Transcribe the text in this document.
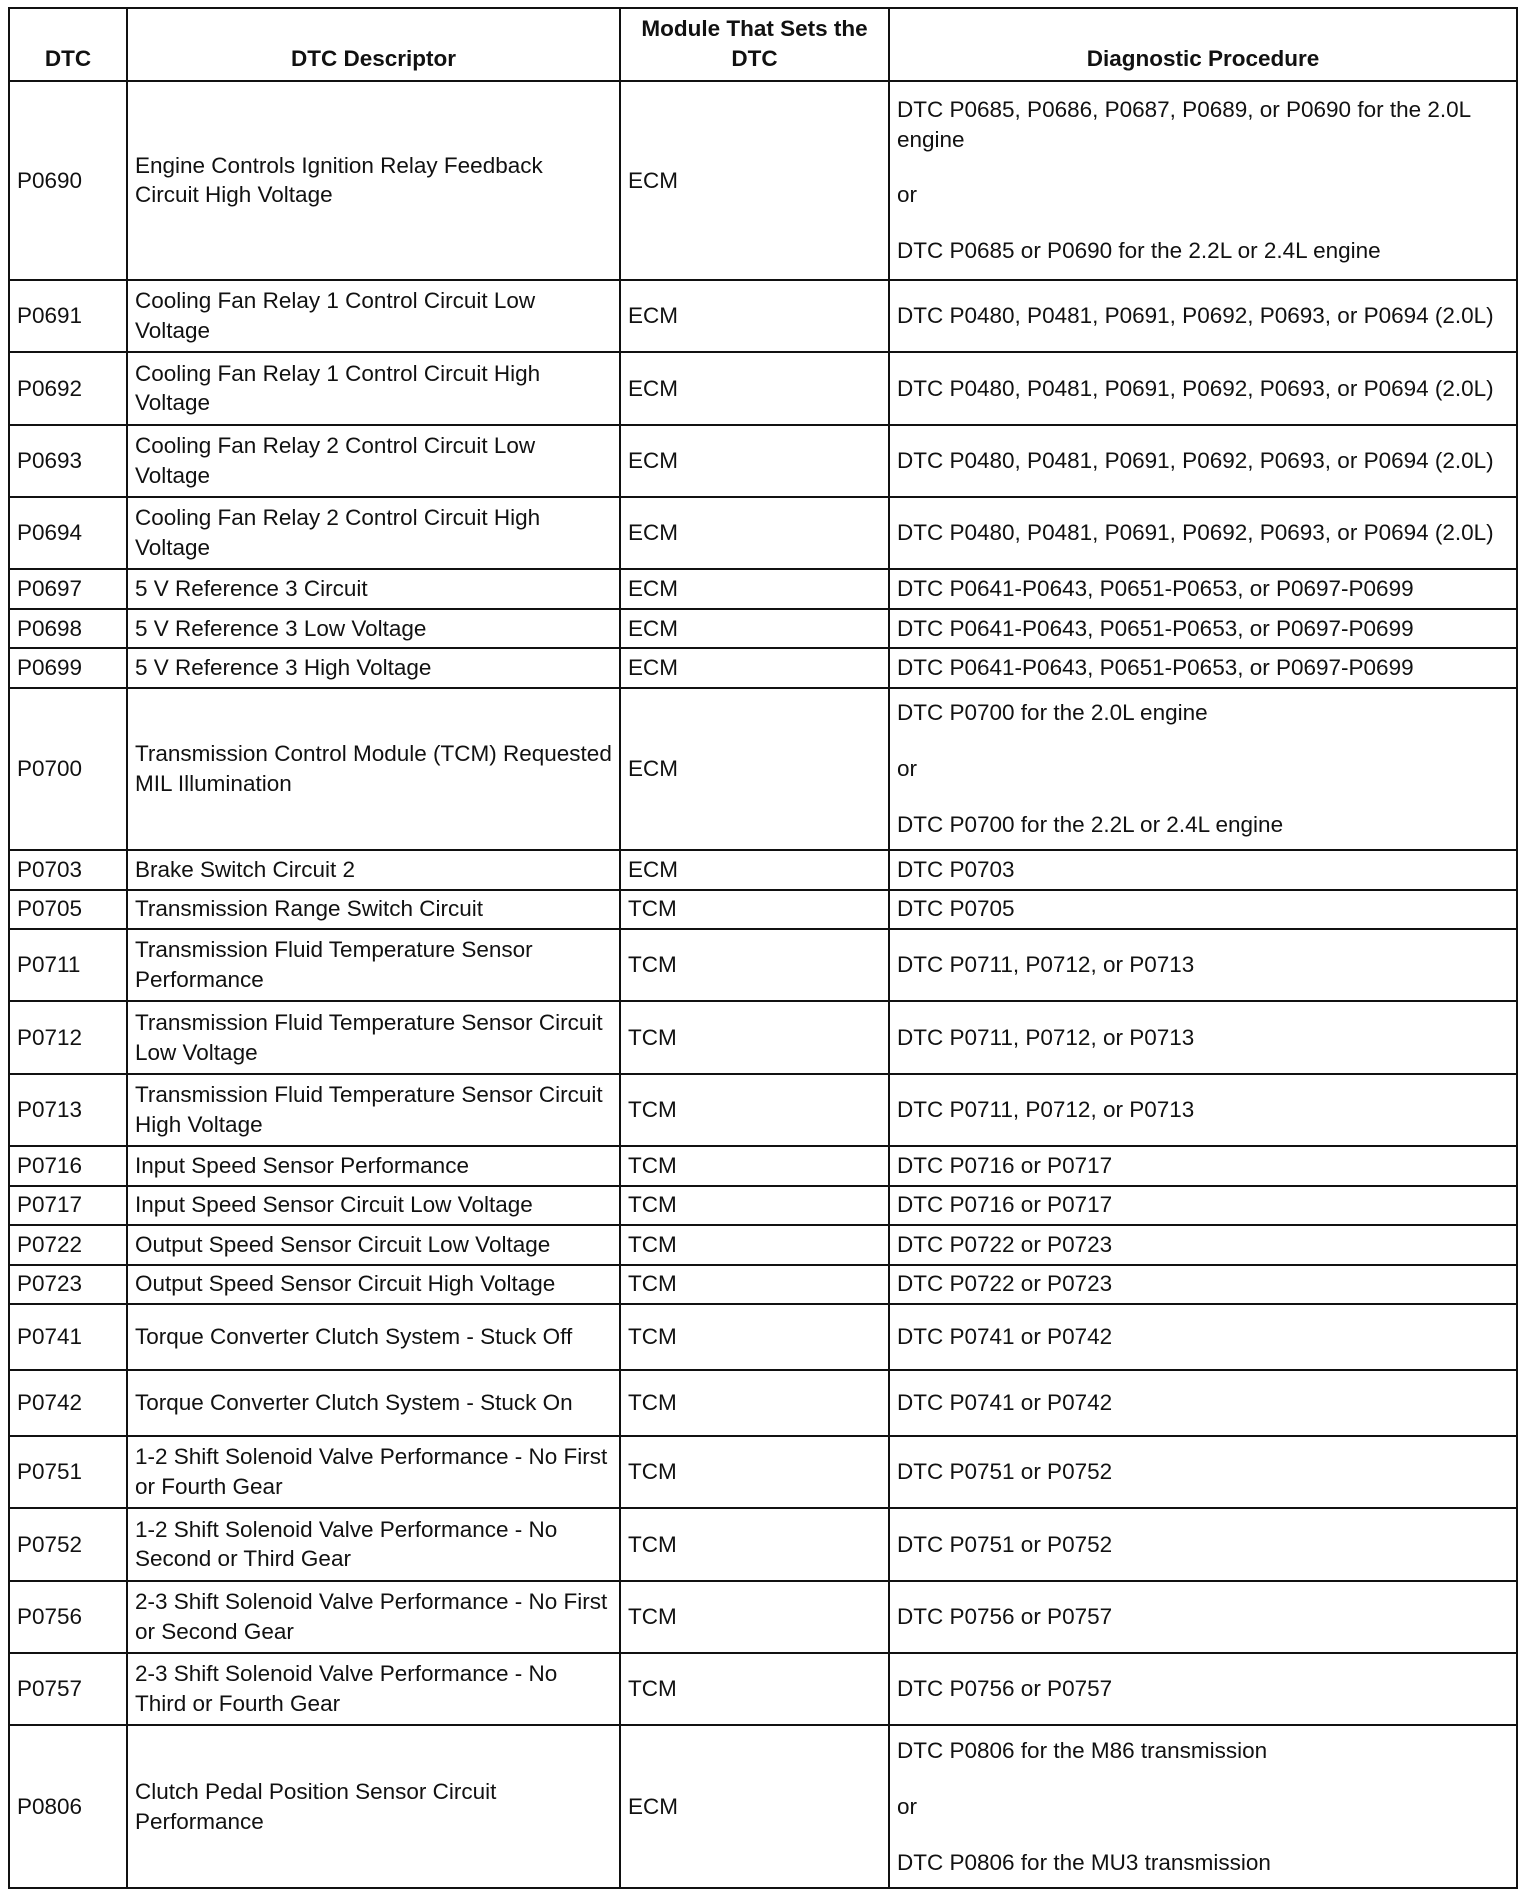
DTC	DTC Descriptor	Module That Sets the DTC	Diagnostic Procedure
P0690	Engine Controls Ignition Relay Feedback Circuit High Voltage	ECM	DTC P0685, P0686, P0687, P0689, or P0690 for the 2.0L engine
or
DTC P0685 or P0690 for the 2.2L or 2.4L engine

P0691	Cooling Fan Relay 1 Control Circuit Low Voltage	ECM	DTC P0480, P0481, P0691, P0692, P0693, or P0694 (2.0L)

P0692	Cooling Fan Relay 1 Control Circuit High Voltage	ECM	DTC P0480, P0481, P0691, P0692, P0693, or P0694 (2.0L)

P0693	Cooling Fan Relay 2 Control Circuit Low Voltage	ECM	DTC P0480, P0481, P0691, P0692, P0693, or P0694 (2.0L)

P0694	Cooling Fan Relay 2 Control Circuit High Voltage	ECM	DTC P0480, P0481, P0691, P0692, P0693, or P0694 (2.0L)

P0697	5 V Reference 3 Circuit	ECM	DTC P0641-P0643, P0651-P0653, or P0697-P0699

P0698	5 V Reference 3 Low Voltage	ECM	DTC P0641-P0643, P0651-P0653, or P0697-P0699

P0699	5 V Reference 3 High Voltage	ECM	DTC P0641-P0643, P0651-P0653, or P0697-P0699

P0700	Transmission Control Module (TCM) Requested MIL Illumination	ECM	DTC P0700 for the 2.0L engine
or
DTC P0700 for the 2.2L or 2.4L engine

P0703	Brake Switch Circuit 2	ECM	DTC P0703

P0705	Transmission Range Switch Circuit	TCM	DTC P0705

P0711	Transmission Fluid Temperature Sensor Performance	TCM	DTC P0711, P0712, or P0713

P0712	Transmission Fluid Temperature Sensor Circuit Low Voltage	TCM	DTC P0711, P0712, or P0713

P0713	Transmission Fluid Temperature Sensor Circuit High Voltage	TCM	DTC P0711, P0712, or P0713

P0716	Input Speed Sensor Performance	TCM	DTC P0716 or P0717

P0717	Input Speed Sensor Circuit Low Voltage	TCM	DTC P0716 or P0717

P0722	Output Speed Sensor Circuit Low Voltage	TCM	DTC P0722 or P0723

P0723	Output Speed Sensor Circuit High Voltage	TCM	DTC P0722 or P0723

P0741	Torque Converter Clutch System - Stuck Off	TCM	DTC P0741 or P0742

P0742	Torque Converter Clutch System - Stuck On	TCM	DTC P0741 or P0742

P0751	1-2 Shift Solenoid Valve Performance - No First or Fourth Gear	TCM	DTC P0751 or P0752

P0752	1-2 Shift Solenoid Valve Performance - No Second or Third Gear	TCM	DTC P0751 or P0752

P0756	2-3 Shift Solenoid Valve Performance - No First or Second Gear	TCM	DTC P0756 or P0757

P0757	2-3 Shift Solenoid Valve Performance - No Third or Fourth Gear	TCM	DTC P0756 or P0757

P0806	Clutch Pedal Position Sensor Circuit Performance	ECM	DTC P0806 for the M86 transmission
or
DTC P0806 for the MU3 transmission
